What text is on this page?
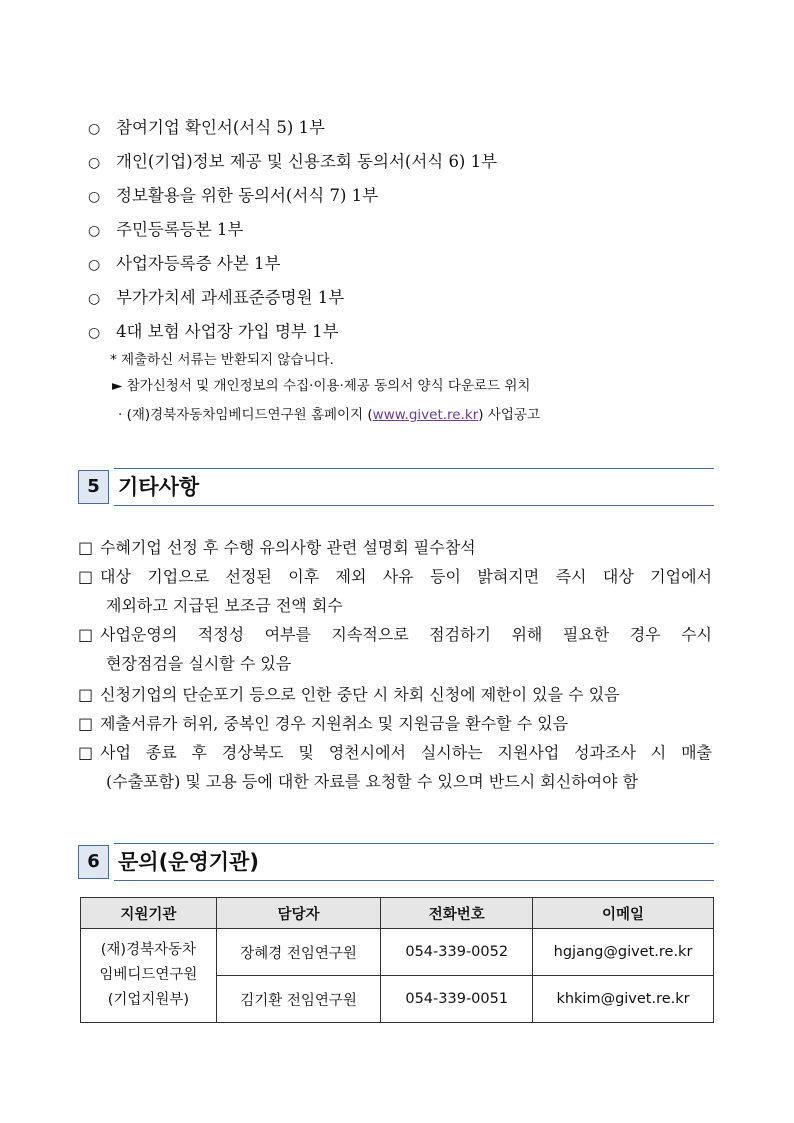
○ 참여기업 확인서(서식 5) 1부
○ 개인(기업)정보 제공 및 신용조회 동의서(서식 6) 1부
○ 정보활용을 위한 동의서(서식 7) 1부
○ 주민등록등본 1부
○ 사업자등록증 사본 1부
○ 부가가치세 과세표준증명원 1부
○ 4대 보험 사업장 가입 명부 1부
* 제출하신 서류는 반환되지 않습니다.
► 참가신청서 및 개인정보의 수집·이용·제공 동의서 양식 다운로드 위치
· (재)경북자동차임베디드연구원 홈페이지 (www.givet.re.kr) 사업공고
5 기타사항
□ 수혜기업 선정 후 수행 유의사항 관련 설명회 필수참석
□ 대상 기업으로 선정된 이후 제외 사유 등이 밝혀지면 즉시 대상 기업에서
제외하고 지급된 보조금 전액 회수
□ 사업운영의 적정성 여부를 지속적으로 점검하기 위해 필요한 경우 수시
현장점검을 실시할 수 있음
□ 신청기업의 단순포기 등으로 인한 중단 시 차회 신청에 제한이 있을 수 있음
□ 제출서류가 허위, 중복인 경우 지원취소 및 지원금을 환수할 수 있음
□ 사업 종료 후 경상북도 및 영천시에서 실시하는 지원사업 성과조사 시 매출
(수출포함) 및 고용 등에 대한 자료를 요청할 수 있으며 반드시 회신하여야 함
6 문의(운영기관)
지원기관	담당자	전화번호	이메일
(재)경북자동차
임베디드연구원
(기업지원부)	장혜경 전임연구원	054-339-0052	hgjang@givet.re.kr
	김기환 전임연구원	054-339-0051	khkim@givet.re.kr
